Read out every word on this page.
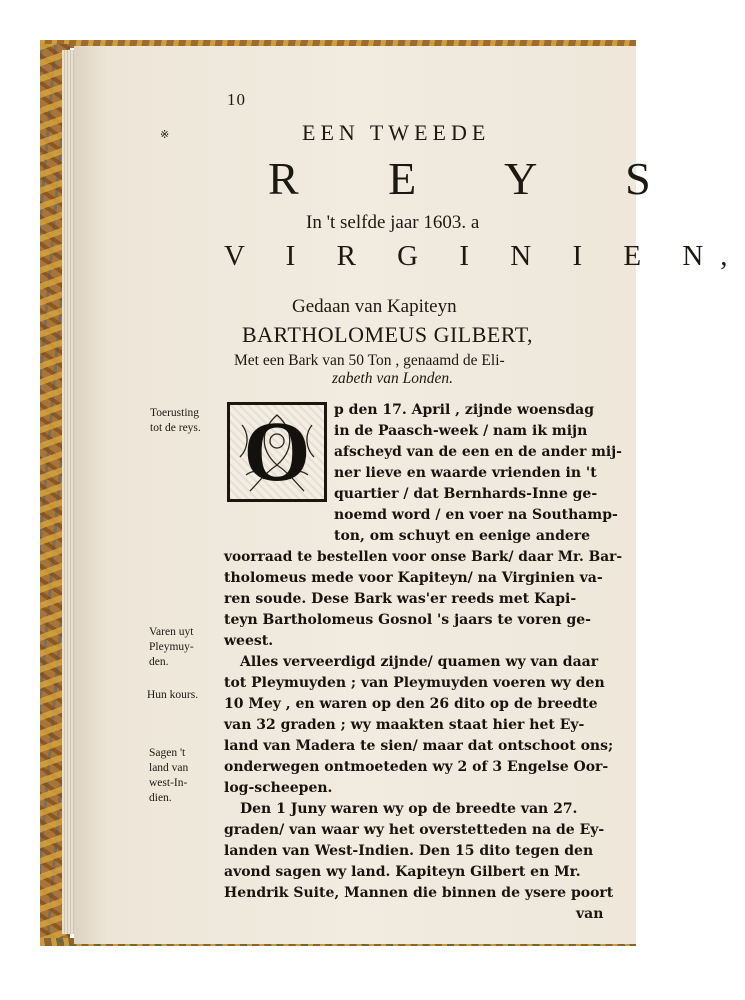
10
※	EEN TWEEDE
R E Y S
In 't selfde jaar 1603. a
V I R G I N I E N,
Gedaan van Kapiteyn
BARTHOLOMEUS GILBERT,
Met een Bark van 50 Ton , genaamd de Eli-
zabeth van Londen.
Toerusting
tot de reys.
Varen uyt
Pleymuy-
den.
Hun kours.
Sagen 't
land van
west-In-
dien.
O	p den 17. April , zijnde woensdag
in de Paasch-week / nam ik mijn
afscheyd van de een en de ander mij-
ner lieve en waarde vrienden in 't
quartier / dat Bernhards-Inne ge-
noemd word / en voer na Southamp-
ton, om schuyt en eenige andere
voorraad te bestellen voor onse Bark/ daar Mr. Bar-
tholomeus mede voor Kapiteyn/ na Virginien va-
ren soude. Dese Bark was'er reeds met Kapi-
teyn Bartholomeus Gosnol 's jaars te voren ge-
weest.
Alles verveerdigd zijnde/ quamen wy van daar
tot Pleymuyden ; van Pleymuyden voeren wy den
10 Mey , en waren op den 26 dito op de breedte
van 32 graden ; wy maakten staat hier het Ey-
land van Madera te sien/ maar dat ontschoot ons;
onderwegen ontmoeteden wy 2 of 3 Engelse Oor-
log-scheepen.
Den 1 Juny waren wy op de breedte van 27.
graden/ van waar wy het overstetteden na de Ey-
landen van West-Indien. Den 15 dito tegen den
avond sagen wy land. Kapiteyn Gilbert en Mr.
Hendrik Suite, Mannen die binnen de ysere poort
van
